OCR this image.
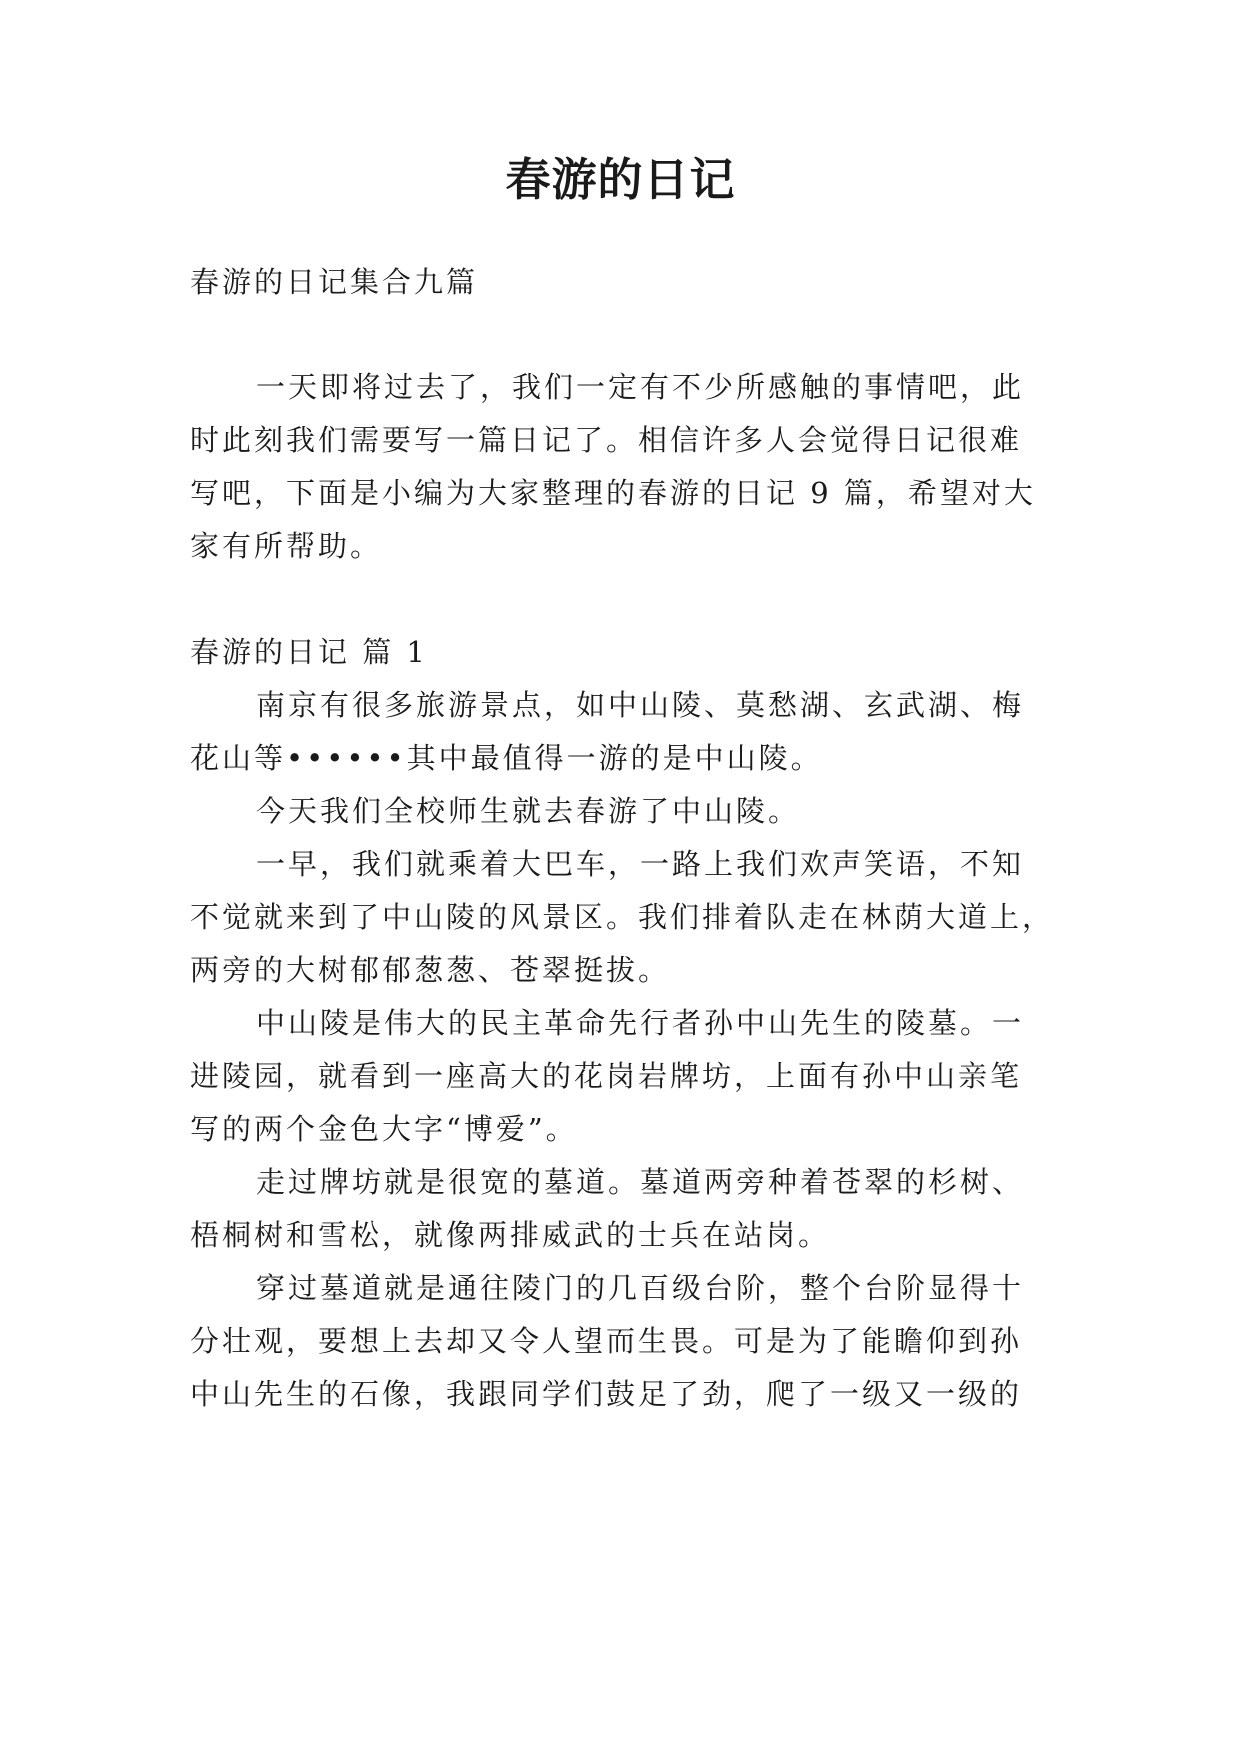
春游的日记
春游的日记集合九篇
一天即将过去了，我们一定有不少所感触的事情吧，此
时此刻我们需要写一篇日记了。相信许多人会觉得日记很难
写吧，下面是小编为大家整理的春游的日记 9 篇，希望对大
家有所帮助。
春游的日记 篇 1
南京有很多旅游景点，如中山陵、莫愁湖、玄武湖、梅
花山等••••••其中最值得一游的是中山陵。
今天我们全校师生就去春游了中山陵。
一早，我们就乘着大巴车，一路上我们欢声笑语，不知
不觉就来到了中山陵的风景区。我们排着队走在林荫大道上，
两旁的大树郁郁葱葱、苍翠挺拔。
中山陵是伟大的民主革命先行者孙中山先生的陵墓。一
进陵园，就看到一座高大的花岗岩牌坊，上面有孙中山亲笔
写的两个金色大字“博爱”。
走过牌坊就是很宽的墓道。墓道两旁种着苍翠的杉树、
梧桐树和雪松，就像两排威武的士兵在站岗。
穿过墓道就是通往陵门的几百级台阶，整个台阶显得十
分壮观，要想上去却又令人望而生畏。可是为了能瞻仰到孙
中山先生的石像，我跟同学们鼓足了劲，爬了一级又一级的
